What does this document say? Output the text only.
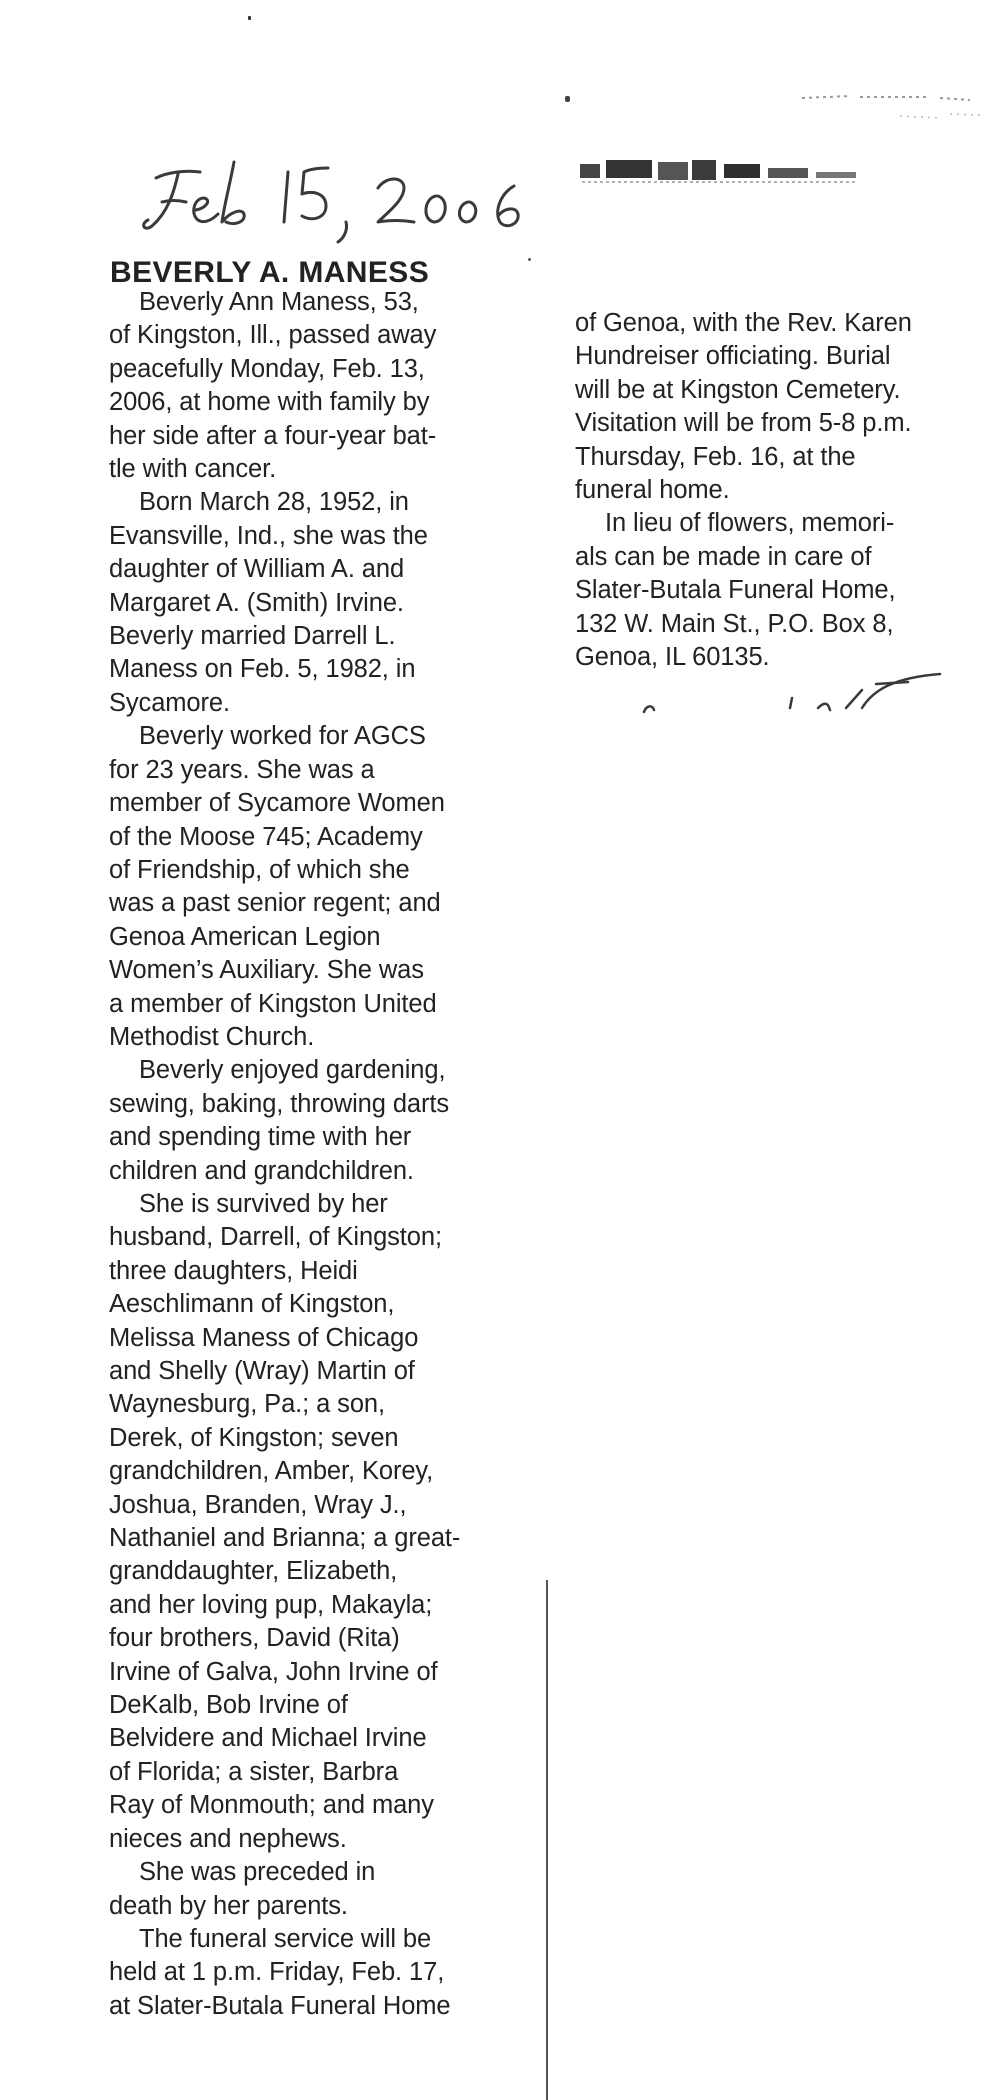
BEVERLY A. MANESS
Beverly Ann Maness, 53,
of Kingston, Ill., passed away
peacefully Monday, Feb. 13,
2006, at home with family by
her side after a four-year bat-
tle with cancer.
Born March 28, 1952, in
Evansville, Ind., she was the
daughter of William A. and
Margaret A. (Smith) Irvine.
Beverly married Darrell L.
Maness on Feb. 5, 1982, in
Sycamore.
Beverly worked for AGCS
for 23 years. She was a
member of Sycamore Women
of the Moose 745; Academy
of Friendship, of which she
was a past senior regent; and
Genoa American Legion
Women’s Auxiliary. She was
a member of Kingston United
Methodist Church.
Beverly enjoyed gardening,
sewing, baking, throwing darts
and spending time with her
children and grandchildren.
She is survived by her
husband, Darrell, of Kingston;
three daughters, Heidi
Aeschlimann of Kingston,
Melissa Maness of Chicago
and Shelly (Wray) Martin of
Waynesburg, Pa.; a son,
Derek, of Kingston; seven
grandchildren, Amber, Korey,
Joshua, Branden, Wray J.,
Nathaniel and Brianna; a great-
granddaughter, Elizabeth,
and her loving pup, Makayla;
four brothers, David (Rita)
Irvine of Galva, John Irvine of
DeKalb, Bob Irvine of
Belvidere and Michael Irvine
of Florida; a sister, Barbra
Ray of Monmouth; and many
nieces and nephews.
She was preceded in
death by her parents.
The funeral service will be
held at 1 p.m. Friday, Feb. 17,
at Slater-Butala Funeral Home
of Genoa, with the Rev. Karen
Hundreiser officiating. Burial
will be at Kingston Cemetery.
Visitation will be from 5-8 p.m.
Thursday, Feb. 16, at the
funeral home.
In lieu of flowers, memori-
als can be made in care of
Slater-Butala Funeral Home,
132 W. Main St., P.O. Box 8,
Genoa, IL 60135.
